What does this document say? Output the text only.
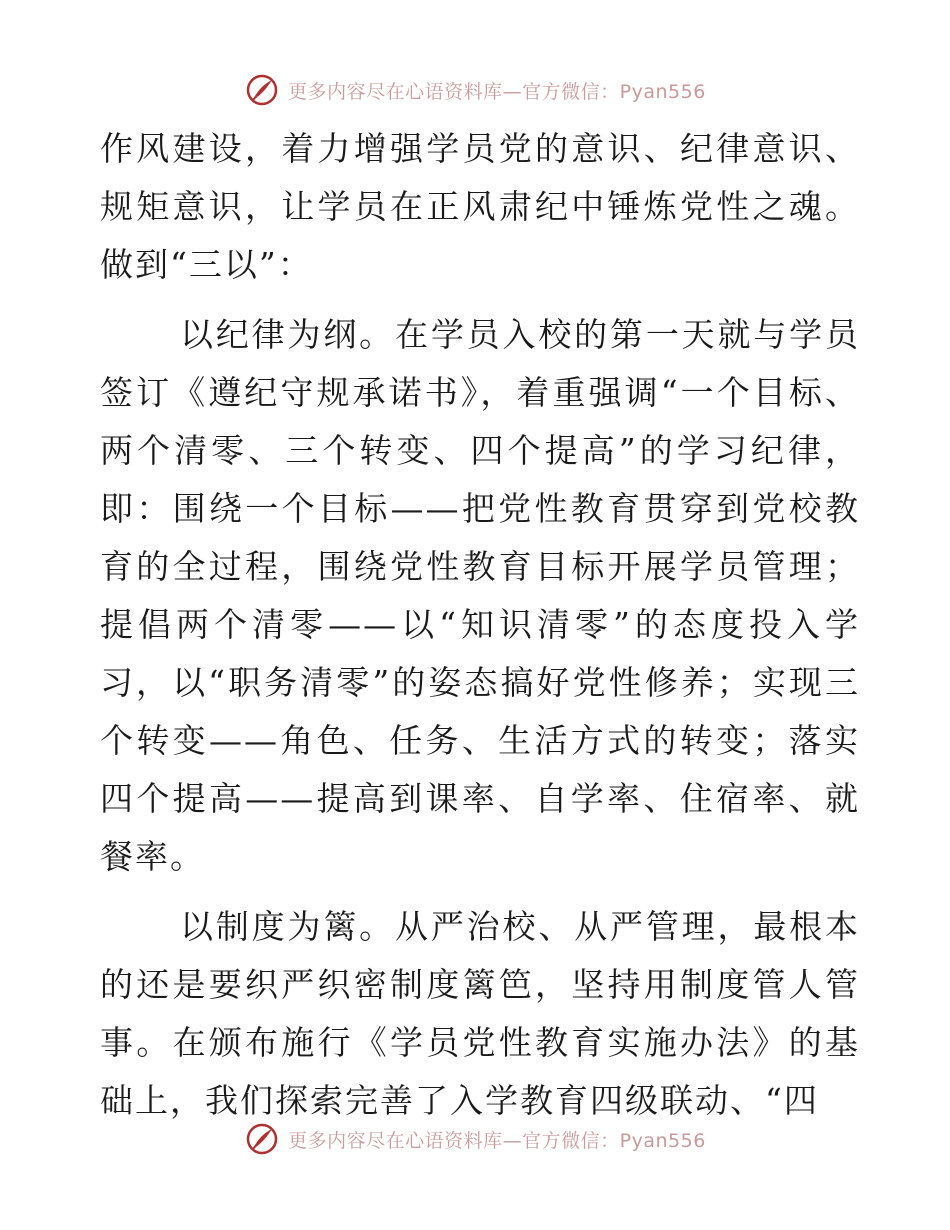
更多内容尽在心语资料库—官方微信：Pyan556

作风建设，着力增强学员党的意识、纪律意识、规矩意识，让学员在正风肃纪中锤炼党性之魂。做到“三以”：

以纪律为纲。在学员入校的第一天就与学员签订《遵纪守规承诺书》，着重强调“一个目标、两个清零、三个转变、四个提高”的学习纪律，即：围绕一个目标——把党性教育贯穿到党校教育的全过程，围绕党性教育目标开展学员管理；提倡两个清零——以“知识清零”的态度投入学习，以“职务清零”的姿态搞好党性修养；实现三个转变——角色、任务、生活方式的转变；落实四个提高——提高到课率、自学率、住宿率、就餐率。

以制度为篱。从严治校、从严管理，最根本的还是要织严织密制度篱笆，坚持用制度管人管事。在颁布施行《学员党性教育实施办法》的基础上，我们探索完善了入学教育四级联动、“四

更多内容尽在心语资料库—官方微信：Pyan556
